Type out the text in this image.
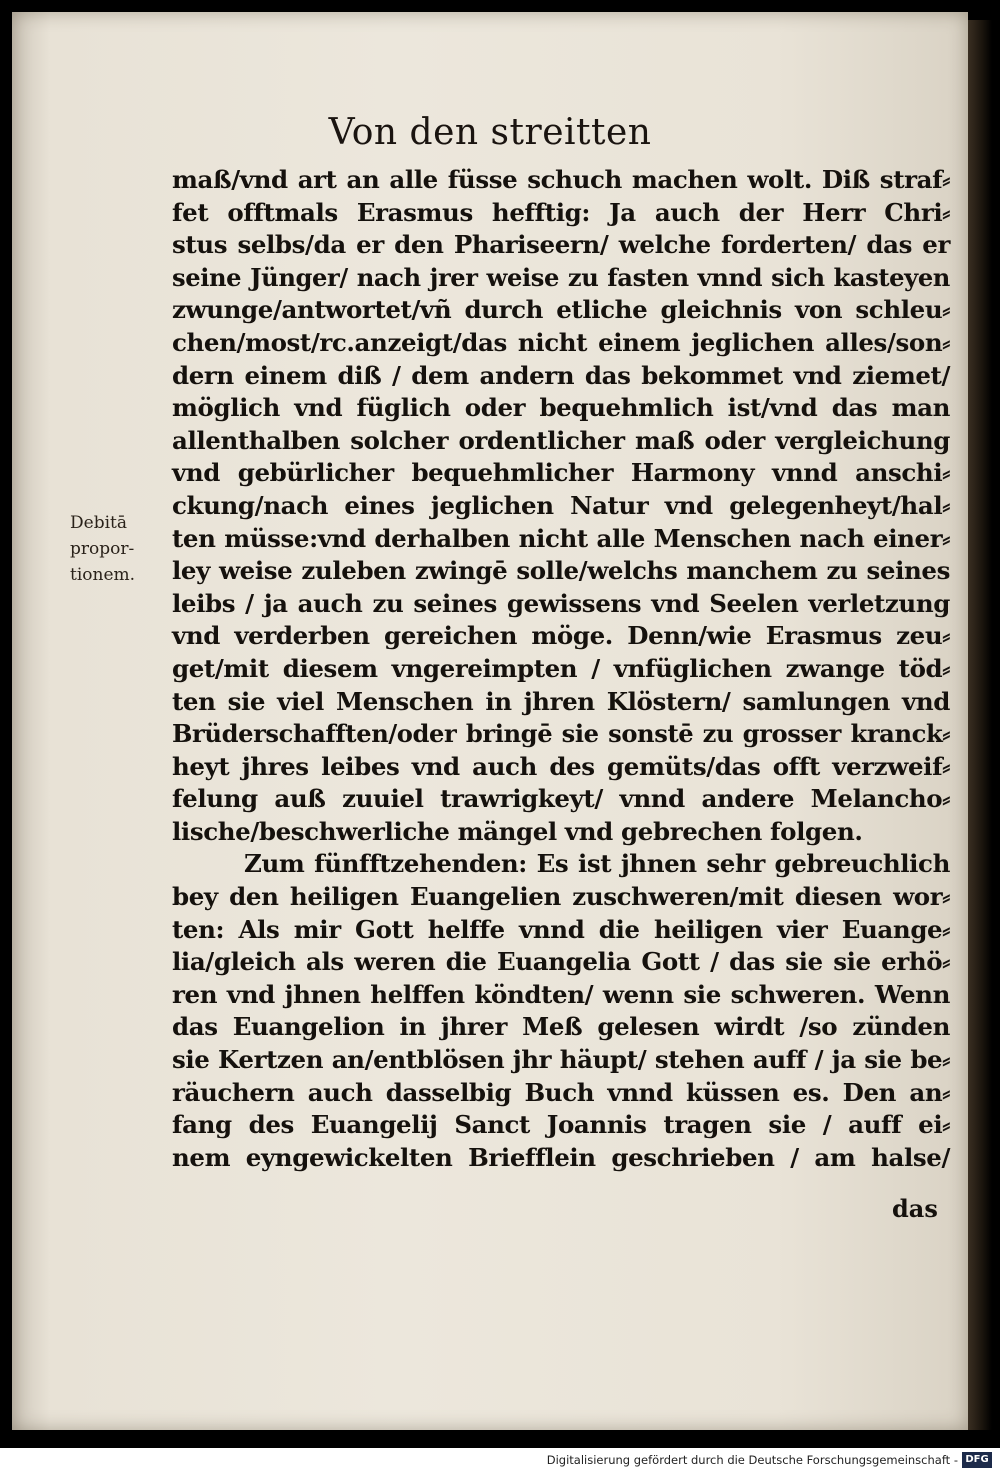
Von den streitten
Debitā
propor-
tionem.
maß/vnd art an alle füsse schuch machen wolt. Diß straf⸗
fet offtmals Erasmus hefftig: Ja auch der Herr Chri⸗
stus selbs/da er den Phariseern/ welche forderten/ das er
seine Jünger/ nach jrer weise zu fasten vnnd sich kasteyen
zwunge/antwortet/vñ durch etliche gleichnis von schleu⸗
chen/most/rc.anzeigt/das nicht einem jeglichen alles/son⸗
dern einem diß / dem andern das bekommet vnd ziemet/
möglich vnd füglich oder bequehmlich ist/vnd das man
allenthalben solcher ordentlicher maß oder vergleichung
vnd gebürlicher bequehmlicher Harmony vnnd anschi⸗
ckung/nach eines jeglichen Natur vnd gelegenheyt/hal⸗
ten müsse:vnd derhalben nicht alle Menschen nach einer⸗
ley weise zuleben zwingē solle/welchs manchem zu seines
leibs / ja auch zu seines gewissens vnd Seelen verletzung
vnd verderben gereichen möge. Denn/wie Erasmus zeu⸗
get/mit diesem vngereimpten / vnfüglichen zwange töd⸗
ten sie viel Menschen in jhren Klöstern/ samlungen vnd
Brüderschafften/oder bringē sie sonstē zu grosser kranck⸗
heyt jhres leibes vnd auch des gemüts/das offt verzweif⸗
felung auß zuuiel trawrigkeyt/ vnnd andere Melancho⸗
lische/beschwerliche mängel vnd gebrechen folgen.
Zum fünfftzehenden: Es ist jhnen sehr gebreuchlich
bey den heiligen Euangelien zuschweren/mit diesen wor⸗
ten: Als mir Gott helffe vnnd die heiligen vier Euange⸗
lia/gleich als weren die Euangelia Gott / das sie sie erhö⸗
ren vnd jhnen helffen köndten/ wenn sie schweren. Wenn
das Euangelion in jhrer Meß gelesen wirdt /so zünden
sie Kertzen an/entblösen jhr häupt/ stehen auff / ja sie be⸗
räuchern auch dasselbig Buch vnnd küssen es. Den an⸗
fang des Euangelij Sanct Joannis tragen sie / auff ei⸗
nem eyngewickelten Briefflein geschrieben / am halse/
das
Digitalisierung gefördert durch die Deutsche Forschungsgemeinschaft - DFG
